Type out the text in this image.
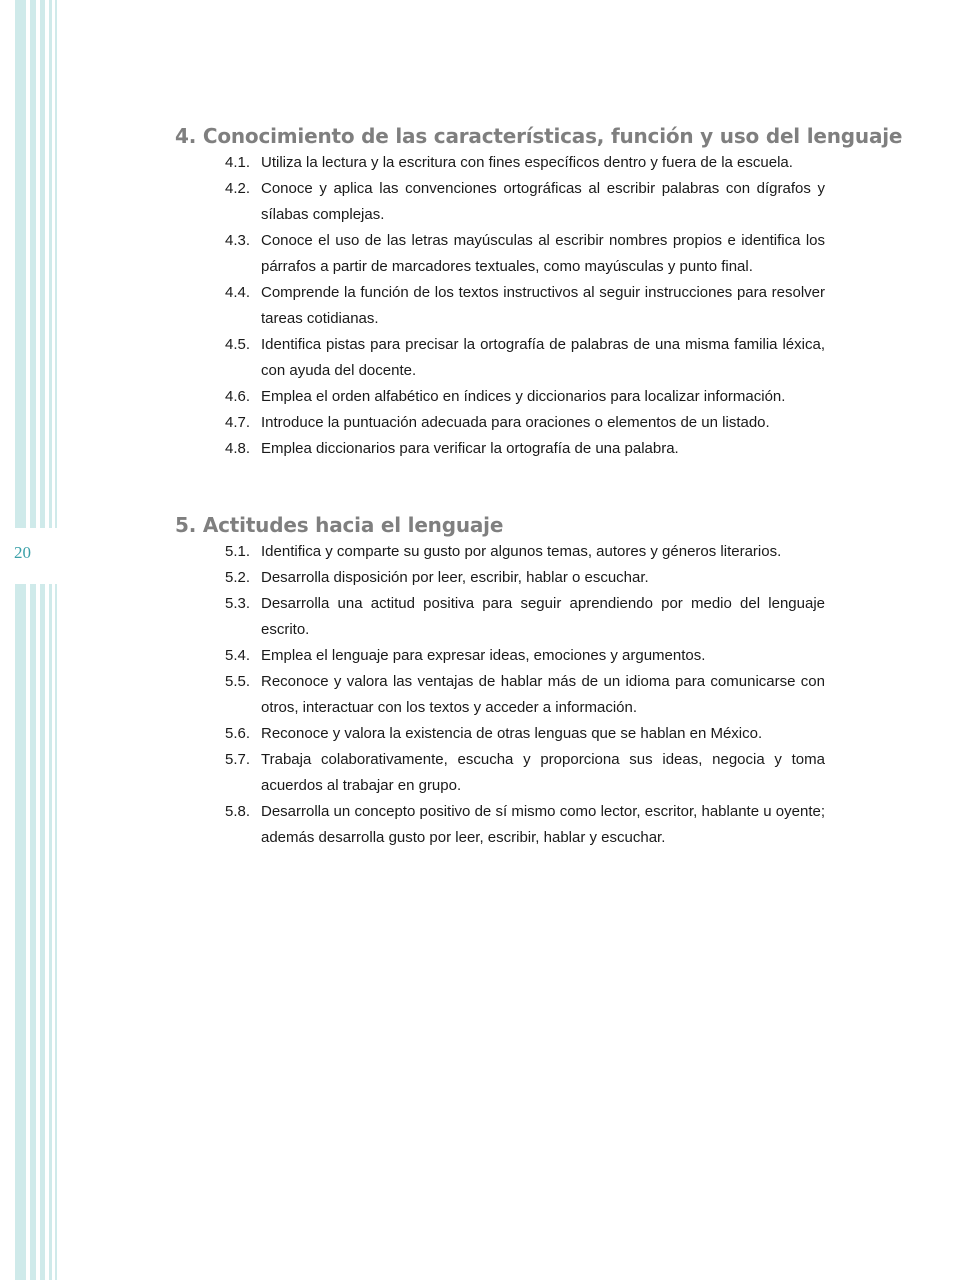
20
4. Conocimiento de las características, función y uso del lenguaje
4.1. Utiliza la lectura y la escritura con fines específicos dentro y fuera de la escuela.
4.2. Conoce y aplica las convenciones ortográficas al escribir palabras con dígrafos y sílabas complejas.
4.3. Conoce el uso de las letras mayúsculas al escribir nombres propios e identifica los párrafos a partir de marcadores textuales, como mayúsculas y punto final.
4.4. Comprende la función de los textos instructivos al seguir instrucciones para resolver tareas cotidianas.
4.5. Identifica pistas para precisar la ortografía de palabras de una misma familia léxica, con ayuda del docente.
4.6. Emplea el orden alfabético en índices y diccionarios para localizar información.
4.7. Introduce la puntuación adecuada para oraciones o elementos de un listado.
4.8. Emplea diccionarios para verificar la ortografía de una palabra.
5. Actitudes hacia el lenguaje
5.1. Identifica y comparte su gusto por algunos temas, autores y géneros literarios.
5.2. Desarrolla disposición por leer, escribir, hablar o escuchar.
5.3. Desarrolla una actitud positiva para seguir aprendiendo por medio del lenguaje escrito.
5.4. Emplea el lenguaje para expresar ideas, emociones y argumentos.
5.5. Reconoce y valora las ventajas de hablar más de un idioma para comunicarse con otros, interactuar con los textos y acceder a información.
5.6. Reconoce y valora la existencia de otras lenguas que se hablan en México.
5.7. Trabaja colaborativamente, escucha y proporciona sus ideas, negocia y toma acuerdos al trabajar en grupo.
5.8. Desarrolla un concepto positivo de sí mismo como lector, escritor, hablante u oyente; además desarrolla gusto por leer, escribir, hablar y escuchar.
